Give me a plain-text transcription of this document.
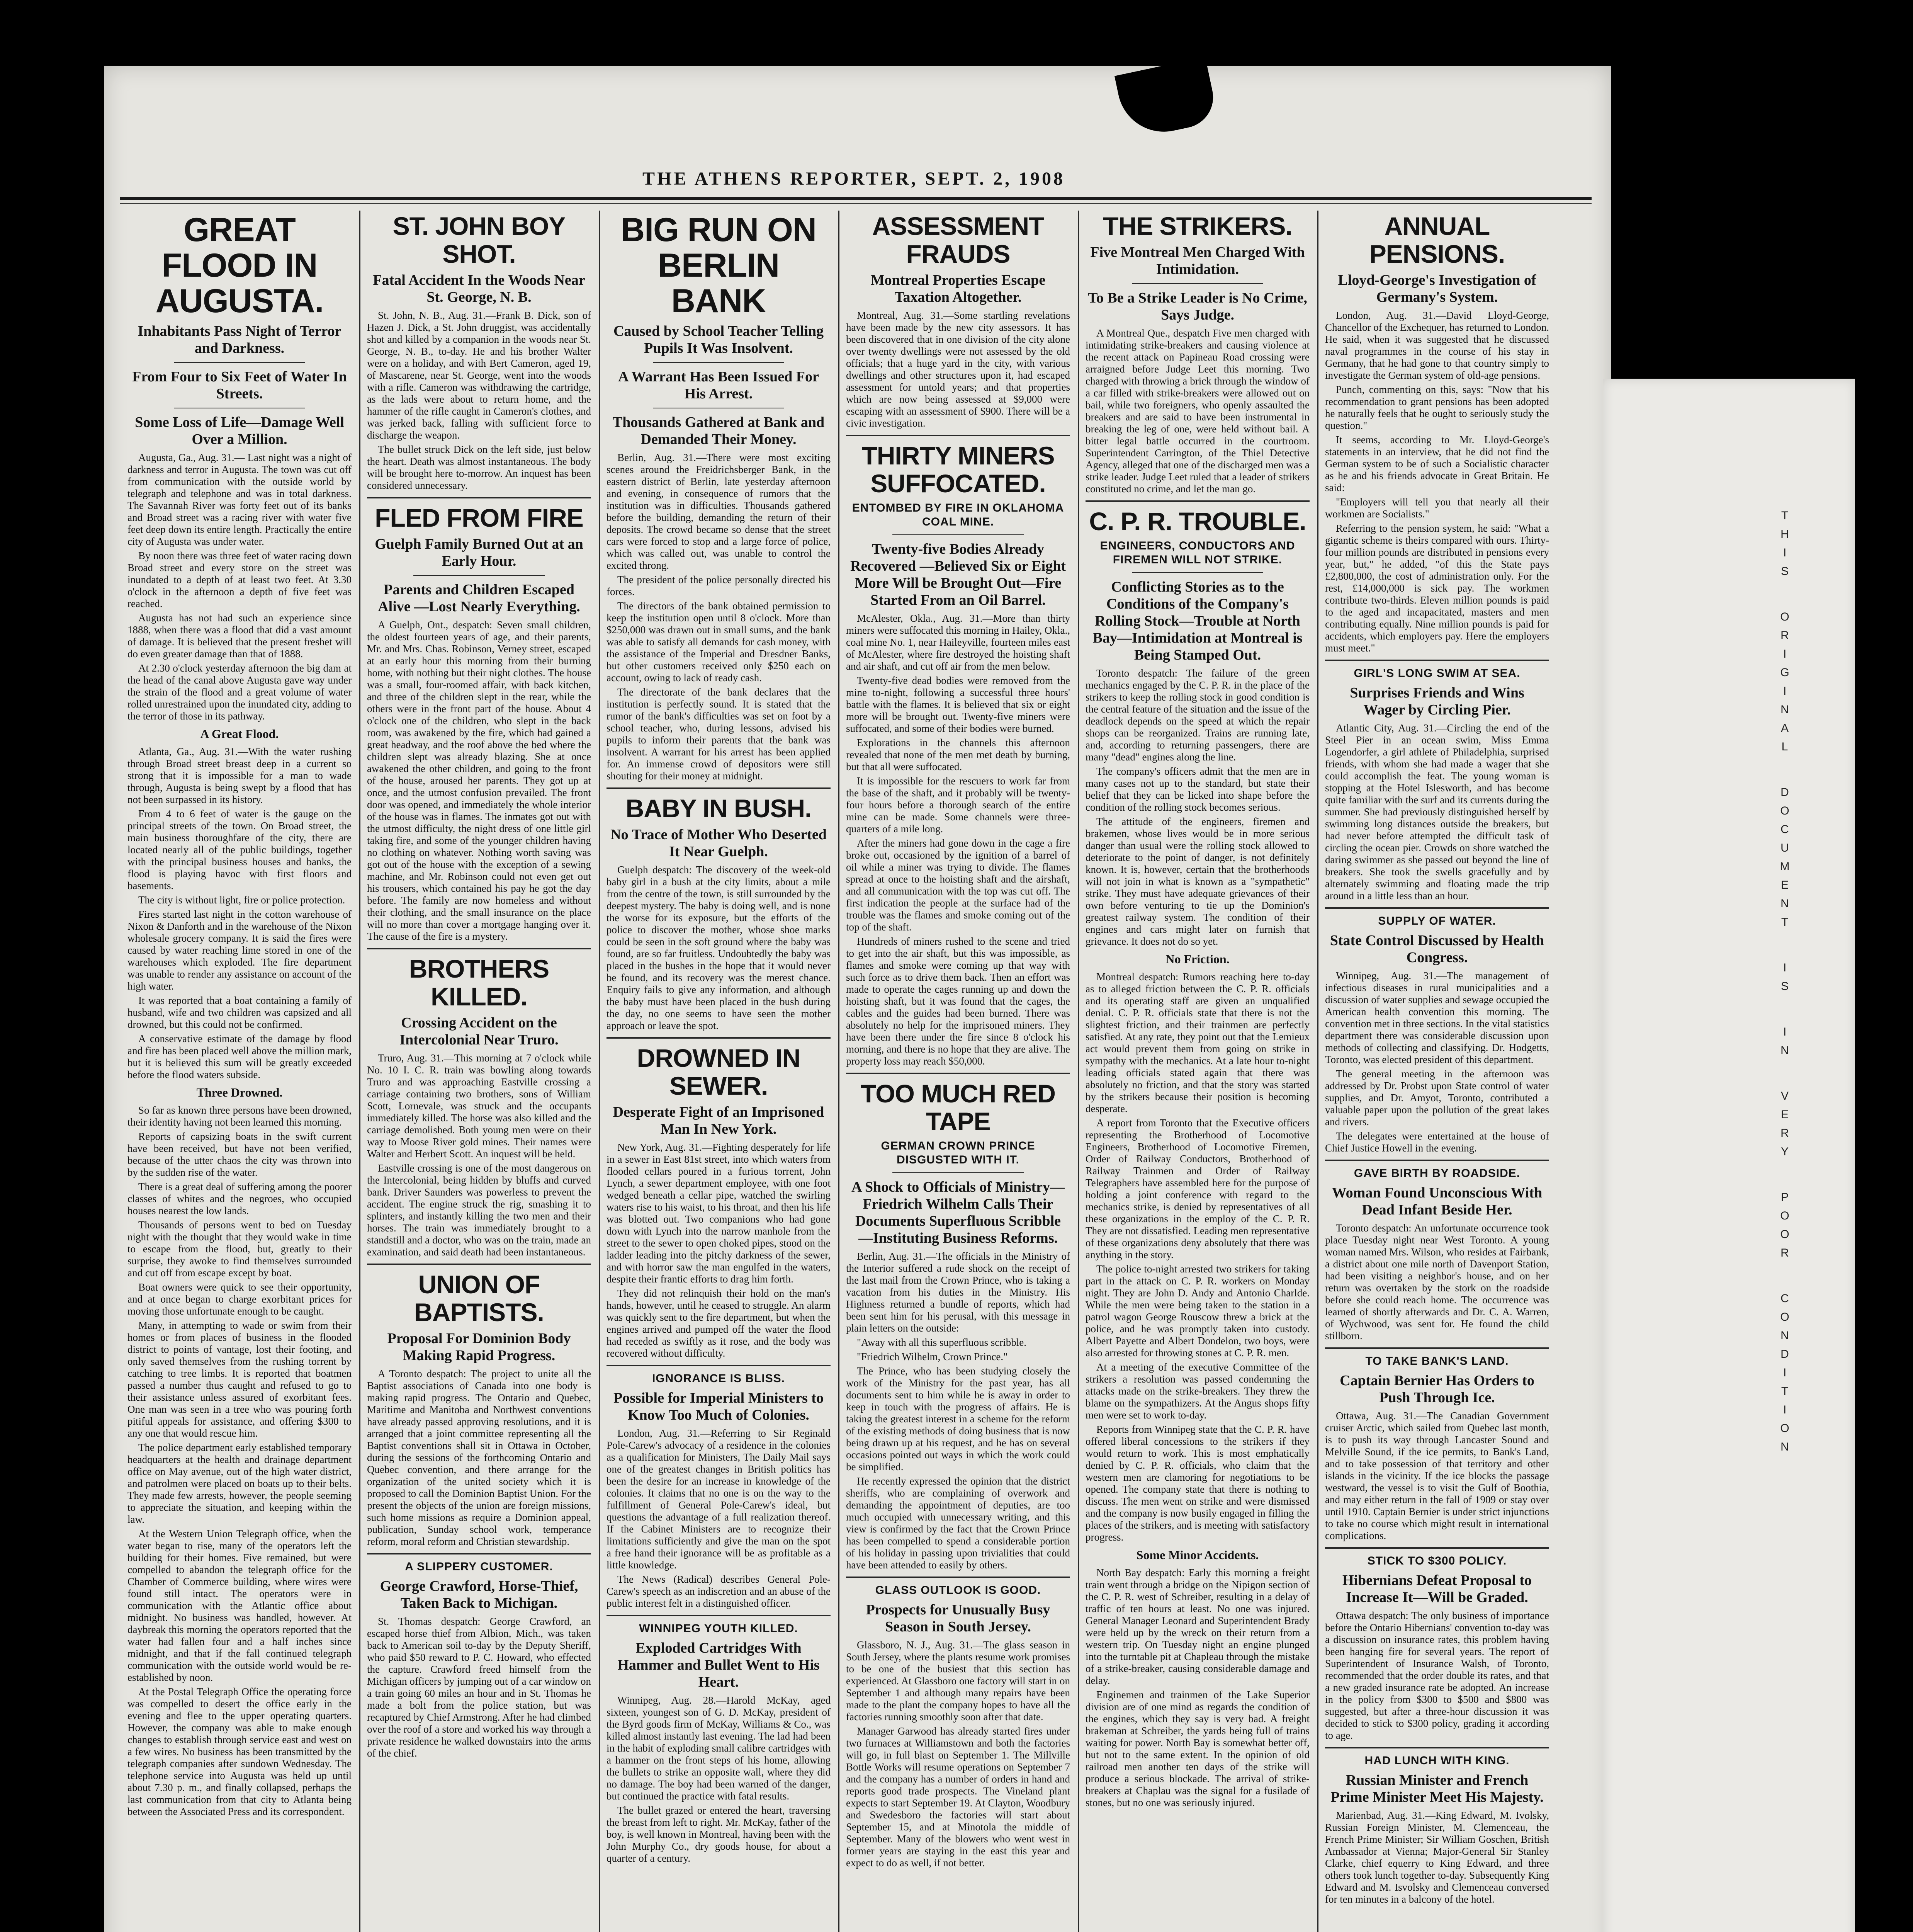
THE ATHENS REPORTER, SEPT. 2, 1908
GREAT FLOOD IN AUGUSTA.
Inhabitants Pass Night of Terror and Darkness.
From Four to Six Feet of Water In Streets.
Some Loss of Life—Damage Well Over a Million.

Augusta, Ga., Aug. 31.— Last night was a night of darkness and terror in Augusta. The town was cut off from communication with the outside world by telegraph and telephone and was in total darkness. The Savannah River was forty feet out of its banks and Broad street was a racing river with water five feet deep down its entire length. Practically the entire city of Augusta was under water.

By noon there was three feet of water racing down Broad street and every store on the street was inundated to a depth of at least two feet. At 3.30 o'clock in the afternoon a depth of five feet was reached.

Augusta has not had such an experience since 1888, when there was a flood that did a vast amount of damage. It is believed that the present freshet will do even greater damage than that of 1888.

At 2.30 o'clock yesterday afternoon the big dam at the head of the canal above Augusta gave way under the strain of the flood and a great volume of water rolled unrestrained upon the inundated city, adding to the terror of those in its pathway.

A Great Flood.

Atlanta, Ga., Aug. 31.—With the water rushing through Broad street breast deep in a current so strong that it is impossible for a man to wade through, Augusta is being swept by a flood that has not been surpassed in its history.

From 4 to 6 feet of water is the gauge on the principal streets of the town. On Broad street, the main business thoroughfare of the city, there are located nearly all of the public buildings, together with the principal business houses and banks, the flood is playing havoc with first floors and basements.

The city is without light, fire or police protection.

Fires started last night in the cotton warehouse of Nixon & Danforth and in the warehouse of the Nixon wholesale grocery company. It is said the fires were caused by water reaching lime stored in one of the warehouses which exploded. The fire department was unable to render any assistance on account of the high water.

It was reported that a boat containing a family of husband, wife and two children was capsized and all drowned, but this could not be confirmed.

A conservative estimate of the damage by flood and fire has been placed well above the million mark, but it is believed this sum will be greatly exceeded before the flood waters subside.

Three Drowned.

So far as known three persons have been drowned, their identity having not been learned this morning.

Reports of capsizing boats in the swift current have been received, but have not been verified, because of the utter chaos the city was thrown into by the sudden rise of the water.

There is a great deal of suffering among the poorer classes of whites and the negroes, who occupied houses nearest the low lands.

Thousands of persons went to bed on Tuesday night with the thought that they would wake in time to escape from the flood, but, greatly to their surprise, they awoke to find themselves surrounded and cut off from escape except by boat.

Boat owners were quick to see their opportunity, and at once began to charge exorbitant prices for moving those unfortunate enough to be caught.

Many, in attempting to wade or swim from their homes or from places of business in the flooded district to points of vantage, lost their footing, and only saved themselves from the rushing torrent by catching to tree limbs. It is reported that boatmen passed a number thus caught and refused to go to their assistance unless assured of exorbitant fees. One man was seen in a tree who was pouring forth pitiful appeals for assistance, and offering $300 to any one that would rescue him.

The police department early established temporary headquarters at the health and drainage department office on May avenue, out of the high water district, and patrolmen were placed on boats up to their belts. They made few arrests, however, the people seeming to appreciate the situation, and keeping within the law.

At the Western Union Telegraph office, when the water began to rise, many of the operators left the building for their homes. Five remained, but were compelled to abandon the telegraph office for the Chamber of Commerce building, where wires were found still intact. The operators were in communication with the Atlantic office about midnight. No business was handled, however. At daybreak this morning the operators reported that the water had fallen four and a half inches since midnight, and that if the fall continued telegraph communication with the outside world would be re-established by noon.

At the Postal Telegraph Office the operating force was compelled to desert the office early in the evening and flee to the upper operating quarters. However, the company was able to make enough changes to establish through service east and west on a few wires. No business has been transmitted by the telegraph companies after sundown Wednesday. The telephone service into Augusta was held up until about 7.30 p. m., and finally collapsed, perhaps the last communication from that city to Atlanta being between the Associated Press and its correspondent.

ST. JOHN BOY SHOT.
Fatal Accident In the Woods Near St. George, N. B.

St. John, N. B., Aug. 31.—Frank B. Dick, son of Hazen J. Dick, a St. John druggist, was accidentally shot and killed by a companion in the woods near St. George, N. B., to-day. He and his brother Walter were on a holiday, and with Bert Cameron, aged 19, of Mascarene, near St. George, went into the woods with a rifle. Cameron was withdrawing the cartridge, as the lads were about to return home, and the hammer of the rifle caught in Cameron's clothes, and was jerked back, falling with sufficient force to discharge the weapon.

The bullet struck Dick on the left side, just below the heart. Death was almost instantaneous. The body will be brought here to-morrow. An inquest has been considered unnecessary.

FLED FROM FIRE
Guelph Family Burned Out at an Early Hour.
Parents and Children Escaped Alive —Lost Nearly Everything.

A Guelph, Ont., despatch: Seven small children, the oldest fourteen years of age, and their parents, Mr. and Mrs. Chas. Robinson, Verney street, escaped at an early hour this morning from their burning home, with nothing but their night clothes. The house was a small, four-roomed affair, with back kitchen, and three of the children slept in the rear, while the others were in the front part of the house. About 4 o'clock one of the children, who slept in the back room, was awakened by the fire, which had gained a great headway, and the roof above the bed where the children slept was already blazing. She at once awakened the other children, and going to the front of the house, aroused her parents. They got up at once, and the utmost confusion prevailed. The front door was opened, and immediately the whole interior of the house was in flames. The inmates got out with the utmost difficulty, the night dress of one little girl taking fire, and some of the younger children having no clothing on whatever. Nothing worth saving was got out of the house with the exception of a sewing machine, and Mr. Robinson could not even get out his trousers, which contained his pay he got the day before. The family are now homeless and without their clothing, and the small insurance on the place will no more than cover a mortgage hanging over it. The cause of the fire is a mystery.

BROTHERS KILLED.
Crossing Accident on the Intercolonial Near Truro.

Truro, Aug. 31.—This morning at 7 o'clock while No. 10 I. C. R. train was bowling along towards Truro and was approaching Eastville crossing a carriage containing two brothers, sons of William Scott, Lornevale, was struck and the occupants immediately killed. The horse was also killed and the carriage demolished. Both young men were on their way to Moose River gold mines. Their names were Walter and Herbert Scott. An inquest will be held.

Eastville crossing is one of the most dangerous on the Intercolonial, being hidden by bluffs and curved bank. Driver Saunders was powerless to prevent the accident. The engine struck the rig, smashing it to splinters, and instantly killing the two men and their horses. The train was immediately brought to a standstill and a doctor, who was on the train, made an examination, and said death had been instantaneous.

UNION OF BAPTISTS.
Proposal For Dominion Body Making Rapid Progress.

A Toronto despatch: The project to unite all the Baptist associations of Canada into one body is making rapid progress. The Ontario and Quebec, Maritime and Manitoba and Northwest conventions have already passed approving resolutions, and it is arranged that a joint committee representing all the Baptist conventions shall sit in Ottawa in October, during the sessions of the forthcoming Ontario and Quebec convention, and there arrange for the organization of the united society which it is proposed to call the Dominion Baptist Union. For the present the objects of the union are foreign missions, such home missions as require a Dominion appeal, publication, Sunday school work, temperance reform, moral reform and Christian stewardship.

A SLIPPERY CUSTOMER.
George Crawford, Horse-Thief, Taken Back to Michigan.

St. Thomas despatch: George Crawford, an escaped horse thief from Albion, Mich., was taken back to American soil to-day by the Deputy Sheriff, who paid $50 reward to P. C. Howard, who effected the capture. Crawford freed himself from the Michigan officers by jumping out of a car window on a train going 60 miles an hour and in St. Thomas he made a bolt from the police station, but was recaptured by Chief Armstrong. After he had climbed over the roof of a store and worked his way through a private residence he walked downstairs into the arms of the chief.

BIG RUN ON BERLIN BANK
Caused by School Teacher Telling Pupils It Was Insolvent.
A Warrant Has Been Issued For His Arrest.
Thousands Gathered at Bank and Demanded Their Money.

Berlin, Aug. 31.—There were most exciting scenes around the Freidrichsberger Bank, in the eastern district of Berlin, late yesterday afternoon and evening, in consequence of rumors that the institution was in difficulties. Thousands gathered before the building, demanding the return of their deposits. The crowd became so dense that the street cars were forced to stop and a large force of police, which was called out, was unable to control the excited throng.

The president of the police personally directed his forces.

The directors of the bank obtained permission to keep the institution open until 8 o'clock. More than $250,000 was drawn out in small sums, and the bank was able to satisfy all demands for cash money, with the assistance of the Imperial and Dresdner Banks, but other customers received only $250 each on account, owing to lack of ready cash.

The directorate of the bank declares that the institution is perfectly sound. It is stated that the rumor of the bank's difficulties was set on foot by a school teacher, who, during lessons, advised his pupils to inform their parents that the bank was insolvent. A warrant for his arrest has been applied for. An immense crowd of depositors were still shouting for their money at midnight.

BABY IN BUSH.
No Trace of Mother Who Deserted It Near Guelph.

Guelph despatch: The discovery of the week-old baby girl in a bush at the city limits, about a mile from the centre of the town, is still surrounded by the deepest mystery. The baby is doing well, and is none the worse for its exposure, but the efforts of the police to discover the mother, whose shoe marks could be seen in the soft ground where the baby was found, are so far fruitless. Undoubtedly the baby was placed in the bushes in the hope that it would never be found, and its recovery was the merest chance. Enquiry fails to give any information, and although the baby must have been placed in the bush during the day, no one seems to have seen the mother approach or leave the spot.

DROWNED IN SEWER.
Desperate Fight of an Imprisoned Man In New York.

New York, Aug. 31.—Fighting desperately for life in a sewer in East 81st street, into which waters from flooded cellars poured in a furious torrent, John Lynch, a sewer department employee, with one foot wedged beneath a cellar pipe, watched the swirling waters rise to his waist, to his throat, and then his life was blotted out. Two companions who had gone down with Lynch into the narrow manhole from the street to the sewer to open choked pipes, stood on the ladder leading into the pitchy darkness of the sewer, and with horror saw the man engulfed in the waters, despite their frantic efforts to drag him forth.

They did not relinquish their hold on the man's hands, however, until he ceased to struggle. An alarm was quickly sent to the fire department, but when the engines arrived and pumped off the water the flood had receded as swiftly as it rose, and the body was recovered without difficulty.

IGNORANCE IS BLISS.
Possible for Imperial Ministers to Know Too Much of Colonies.

London, Aug. 31.—Referring to Sir Reginald Pole-Carew's advocacy of a residence in the colonies as a qualification for Ministers, The Daily Mail says one of the greatest changes in British politics has been the desire for an increase in knowledge of the colonies. It claims that no one is on the way to the fulfillment of General Pole-Carew's ideal, but questions the advantage of a full realization thereof. If the Cabinet Ministers are to recognize their limitations sufficiently and give the man on the spot a free hand their ignorance will be as profitable as a little knowledge.

The News (Radical) describes General Pole-Carew's speech as an indiscretion and an abuse of the public interest felt in a distinguished officer.

WINNIPEG YOUTH KILLED.
Exploded Cartridges With Hammer and Bullet Went to His Heart.

Winnipeg, Aug. 28.—Harold McKay, aged sixteen, youngest son of G. D. McKay, president of the Byrd goods firm of McKay, Williams & Co., was killed almost instantly last evening. The lad had been in the habit of exploding small calibre cartridges with a hammer on the front steps of his home, allowing the bullets to strike an opposite wall, where they did no damage. The boy had been warned of the danger, but continued the practice with fatal results.

The bullet grazed or entered the heart, traversing the breast from left to right. Mr. McKay, father of the boy, is well known in Montreal, having been with the John Murphy Co., dry goods house, for about a quarter of a century.

ASSESSMENT FRAUDS
Montreal Properties Escape Taxation Altogether.

Montreal, Aug. 31.—Some startling revelations have been made by the new city assessors. It has been discovered that in one division of the city alone over twenty dwellings were not assessed by the old officials; that a huge yard in the city, with various dwellings and other structures upon it, had escaped assessment for untold years; and that properties which are now being assessed at $9,000 were escaping with an assessment of $900. There will be a civic investigation.

THIRTY MINERS SUFFOCATED.
ENTOMBED BY FIRE IN OKLAHOMA COAL MINE.
Twenty-five Bodies Already Recovered —Believed Six or Eight More Will be Brought Out—Fire Started From an Oil Barrel.

McAlester, Okla., Aug. 31.—More than thirty miners were suffocated this morning in Hailey, Okla., coal mine No. 1, near Haileyville, fourteen miles east of McAlester, where fire destroyed the hoisting shaft and air shaft, and cut off air from the men below.

Twenty-five dead bodies were removed from the mine to-night, following a successful three hours' battle with the flames. It is believed that six or eight more will be brought out. Twenty-five miners were suffocated, and some of their bodies were burned.

Explorations in the channels this afternoon revealed that none of the men met death by burning, but that all were suffocated.

It is impossible for the rescuers to work far from the base of the shaft, and it probably will be twenty-four hours before a thorough search of the entire mine can be made. Some channels were three-quarters of a mile long.

After the miners had gone down in the cage a fire broke out, occasioned by the ignition of a barrel of oil while a miner was trying to divide. The flames spread at once to the hoisting shaft and the airshaft, and all communication with the top was cut off. The first indication the people at the surface had of the trouble was the flames and smoke coming out of the top of the shaft.

Hundreds of miners rushed to the scene and tried to get into the air shaft, but this was impossible, as flames and smoke were coming up that way with such force as to drive them back. Then an effort was made to operate the cages running up and down the hoisting shaft, but it was found that the cages, the cables and the guides had been burned. There was absolutely no help for the imprisoned miners. They have been there under the fire since 8 o'clock his morning, and there is no hope that they are alive. The property loss may reach $50,000.

TOO MUCH RED TAPE
GERMAN CROWN PRINCE DISGUSTED WITH IT.
A Shock to Officials of Ministry—Friedrich Wilhelm Calls Their Documents Superfluous Scribble—Instituting Business Reforms.

Berlin, Aug. 31.—The officials in the Ministry of the Interior suffered a rude shock on the receipt of the last mail from the Crown Prince, who is taking a vacation from his duties in the Ministry. His Highness returned a bundle of reports, which had been sent him for his perusal, with this message in plain letters on the outside:

"Away with all this superfluous scribble.

"Friedrich Wilhelm, Crown Prince."

The Prince, who has been studying closely the work of the Ministry for the past year, has all documents sent to him while he is away in order to keep in touch with the progress of affairs. He is taking the greatest interest in a scheme for the reform of the existing methods of doing business that is now being drawn up at his request, and he has on several occasions pointed out ways in which the work could be simplified.

He recently expressed the opinion that the district sheriffs, who are complaining of overwork and demanding the appointment of deputies, are too much occupied with unnecessary writing, and this view is confirmed by the fact that the Crown Prince has been compelled to spend a considerable portion of his holiday in passing upon trivialities that could have been attended to easily by others.

GLASS OUTLOOK IS GOOD.
Prospects for Unusually Busy Season in South Jersey.

Glassboro, N. J., Aug. 31.—The glass season in South Jersey, where the plants resume work promises to be one of the busiest that this section has experienced. At Glassboro one factory will start in on September 1 and although many repairs have been made to the plant the company hopes to have all the factories running smoothly soon after that date.

Manager Garwood has already started fires under two furnaces at Williamstown and both the factories will go, in full blast on September 1. The Millville Bottle Works will resume operations on September 7 and the company has a number of orders in hand and reports good trade prospects. The Vineland plant expects to start September 19. At Clayton, Woodbury and Swedesboro the factories will start about September 15, and at Minotola the middle of September. Many of the blowers who went west in former years are staying in the east this year and expect to do as well, if not better.

THE STRIKERS.
Five Montreal Men Charged With Intimidation.
To Be a Strike Leader is No Crime, Says Judge.

A Montreal Que., despatch Five men charged with intimidating strike-breakers and causing violence at the recent attack on Papineau Road crossing were arraigned before Judge Leet this morning. Two charged with throwing a brick through the window of a car filled with strike-breakers were allowed out on bail, while two foreigners, who openly assaulted the breakers and are said to have been instrumental in breaking the leg of one, were held without bail. A bitter legal battle occurred in the courtroom. Superintendent Carrington, of the Thiel Detective Agency, alleged that one of the discharged men was a strike leader. Judge Leet ruled that a leader of strikers constituted no crime, and let the man go.

C. P. R. TROUBLE.
ENGINEERS, CONDUCTORS AND FIREMEN WILL NOT STRIKE.
Conflicting Stories as to the Conditions of the Company's Rolling Stock—Trouble at North Bay—Intimidation at Montreal is Being Stamped Out.

Toronto despatch: The failure of the green mechanics engaged by the C. P. R. in the place of the strikers to keep the rolling stock in good condition is the central feature of the situation and the issue of the deadlock depends on the speed at which the repair shops can be reorganized. Trains are running late, and, according to returning passengers, there are many "dead" engines along the line.

The company's officers admit that the men are in many cases not up to the standard, but state their belief that they can be licked into shape before the condition of the rolling stock becomes serious.

The attitude of the engineers, firemen and brakemen, whose lives would be in more serious danger than usual were the rolling stock allowed to deteriorate to the point of danger, is not definitely known. It is, however, certain that the brotherhoods will not join in what is known as a "sympathetic" strike. They must have adequate grievances of their own before venturing to tie up the Dominion's greatest railway system. The condition of their engines and cars might later on furnish that grievance. It does not do so yet.

No Friction.

Montreal despatch: Rumors reaching here to-day as to alleged friction between the C. P. R. officials and its operating staff are given an unqualified denial. C. P. R. officials state that there is not the slightest friction, and their trainmen are perfectly satisfied. At any rate, they point out that the Lemieux act would prevent them from going on strike in sympathy with the mechanics. At a late hour to-night leading officials stated again that there was absolutely no friction, and that the story was started by the strikers because their position is becoming desperate.

A report from Toronto that the Executive officers representing the Brotherhood of Locomotive Engineers, Brotherhood of Locomotive Firemen, Order of Railway Conductors, Brotherhood of Railway Trainmen and Order of Railway Telegraphers have assembled here for the purpose of holding a joint conference with regard to the mechanics strike, is denied by representatives of all these organizations in the employ of the C. P. R. They are not dissatisfied. Leading men representative of these organizations deny absolutely that there was anything in the story.

The police to-night arrested two strikers for taking part in the attack on C. P. R. workers on Monday night. They are John D. Andy and Antonio Charlde. While the men were being taken to the station in a patrol wagon George Rouscow threw a brick at the police, and he was promptly taken into custody. Albert Payette and Albert Dondelon, two boys, were also arrested for throwing stones at C. P. R. men.

At a meeting of the executive Committee of the strikers a resolution was passed condemning the attacks made on the strike-breakers. They threw the blame on the sympathizers. At the Angus shops fifty men were set to work to-day.

Reports from Winnipeg state that the C. P. R. have offered liberal concessions to the strikers if they would return to work. This is most emphatically denied by C. P. R. officials, who claim that the western men are clamoring for negotiations to be opened. The company state that there is nothing to discuss. The men went on strike and were dismissed and the company is now busily engaged in filling the places of the strikers, and is meeting with satisfactory progress.

Some Minor Accidents.

North Bay despatch: Early this morning a freight train went through a bridge on the Nipigon section of the C. P. R. west of Schreiber, resulting in a delay of traffic of ten hours at least. No one was injured. General Manager Leonard and Superintendent Brady were held up by the wreck on their return from a western trip. On Tuesday night an engine plunged into the turntable pit at Chapleau through the mistake of a strike-breaker, causing considerable damage and delay.

Enginemen and trainmen of the Lake Superior division are of one mind as regards the condition of the engines, which they say is very bad. A freight brakeman at Schreiber, the yards being full of trains waiting for power. North Bay is somewhat better off, but not to the same extent. In the opinion of old railroad men another ten days of the strike will produce a serious blockade. The arrival of strike-breakers at Chaplau was the signal for a fusilade of stones, but no one was seriously injured.

ANNUAL PENSIONS.
Lloyd-George's Investigation of Germany's System.

London, Aug. 31.—David Lloyd-George, Chancellor of the Exchequer, has returned to London. He said, when it was suggested that he discussed naval programmes in the course of his stay in Germany, that he had gone to that country simply to investigate the German system of old-age pensions.

Punch, commenting on this, says: "Now that his recommendation to grant pensions has been adopted he naturally feels that he ought to seriously study the question."

It seems, according to Mr. Lloyd-George's statements in an interview, that he did not find the German system to be of such a Socialistic character as he and his friends advocate in Great Britain. He said:

"Employers will tell you that nearly all their workmen are Socialists."

Referring to the pension system, he said: "What a gigantic scheme is theirs compared with ours. Thirty-four million pounds are distributed in pensions every year, but," he added, "of this the State pays £2,800,000, the cost of administration only. For the rest, £14,000,000 is sick pay. The workmen contribute two-thirds. Eleven million pounds is paid to the aged and incapacitated, masters and men contributing equally. Nine million pounds is paid for accidents, which employers pay. Here the employers must meet."

GIRL'S LONG SWIM AT SEA.
Surprises Friends and Wins Wager by Circling Pier.

Atlantic City, Aug. 31.—Circling the end of the Steel Pier in an ocean swim, Miss Emma Logendorfer, a girl athlete of Philadelphia, surprised friends, with whom she had made a wager that she could accomplish the feat. The young woman is stopping at the Hotel Islesworth, and has become quite familiar with the surf and its currents during the summer. She had previously distinguished herself by swimming long distances outside the breakers, but had never before attempted the difficult task of circling the ocean pier. Crowds on shore watched the daring swimmer as she passed out beyond the line of breakers. She took the swells gracefully and by alternately swimming and floating made the trip around in a little less than an hour.

SUPPLY OF WATER.
State Control Discussed by Health Congress.

Winnipeg, Aug. 31.—The management of infectious diseases in rural municipalities and a discussion of water supplies and sewage occupied the American health convention this morning. The convention met in three sections. In the vital statistics department there was considerable discussion upon methods of collecting and classifying. Dr. Hodgetts, Toronto, was elected president of this department.

The general meeting in the afternoon was addressed by Dr. Probst upon State control of water supplies, and Dr. Amyot, Toronto, contributed a valuable paper upon the pollution of the great lakes and rivers.

The delegates were entertained at the house of Chief Justice Howell in the evening.

GAVE BIRTH BY ROADSIDE.
Woman Found Unconscious With Dead Infant Beside Her.

Toronto despatch: An unfortunate occurrence took place Tuesday night near West Toronto. A young woman named Mrs. Wilson, who resides at Fairbank, a district about one mile north of Davenport Station, had been visiting a neighbor's house, and on her return was overtaken by the stork on the roadside before she could reach home. The occurrence was learned of shortly afterwards and Dr. C. A. Warren, of Wychwood, was sent for. He found the child stillborn.

TO TAKE BANK'S LAND.
Captain Bernier Has Orders to Push Through Ice.

Ottawa, Aug. 31.—The Canadian Government cruiser Arctic, which sailed from Quebec last month, is to push its way through Lancaster Sound and Melville Sound, if the ice permits, to Bank's Land, and to take possession of that territory and other islands in the vicinity. If the ice blocks the passage westward, the vessel is to visit the Gulf of Boothia, and may either return in the fall of 1909 or stay over until 1910. Captain Bernier is under strict injunctions to take no course which might result in international complications.

STICK TO $300 POLICY.
Hibernians Defeat Proposal to Increase It—Will be Graded.

Ottawa despatch: The only business of importance before the Ontario Hibernians' convention to-day was a discussion on insurance rates, this problem having been hanging fire for several years. The report of Superintendent of Insurance Walsh, of Toronto, recommended that the order double its rates, and that a new graded insurance rate be adopted. An increase in the policy from $300 to $500 and $800 was suggested, but after a three-hour discussion it was decided to stick to $300 policy, grading it according to age.

HAD LUNCH WITH KING.
Russian Minister and French Prime Minister Meet His Majesty.

Marienbad, Aug. 31.—King Edward, M. Ivolsky, Russian Foreign Minister, M. Clemenceau, the French Prime Minister; Sir William Goschen, British Ambassador at Vienna; Major-General Sir Stanley Clarke, chief equerry to King Edward, and three others took lunch together to-day. Subsequently King Edward and M. Isvolsky and Clemenceau conversed for ten minutes in a balcony of the hotel.

T
H
I
S

O
R
I
G
I
N
A
L

D
O
C
U
M
E
N
T

I
S

I
N

V
E
R
Y

P
O
O
R

C
O
N
D
I
T
I
O
N
